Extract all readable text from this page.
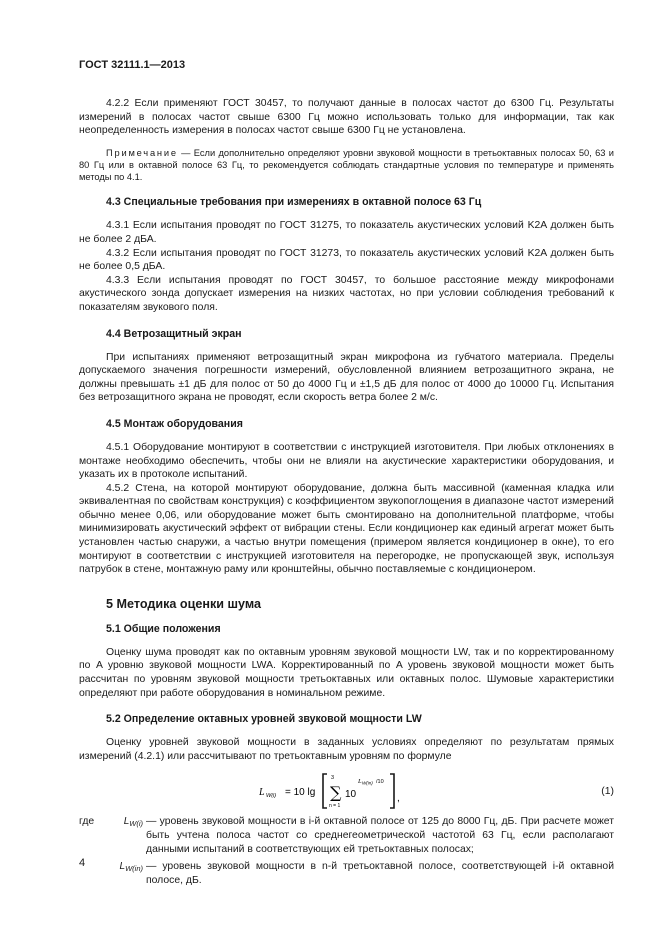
ГОСТ 32111.1—2013

4.2.2 Если применяют ГОСТ 30457, то получают данные в полосах частот до 6300 Гц. Результаты измерений в полосах частот свыше 6300 Гц можно использовать только для информации, так как неопределенность измерения в полосах частот свыше 6300 Гц не установлена.

Примечание — Если дополнительно определяют уровни звуковой мощности в третьоктавных полосах 50, 63 и 80 Гц или в октавной полосе 63 Гц, то рекомендуется соблюдать стандартные условия по температуре и применять методы по 4.1.

4.3 Специальные требования при измерениях в октавной полосе 63 Гц

4.3.1 Если испытания проводят по ГОСТ 31275, то показатель акустических условий K2A должен быть не более 2 дБА.

4.3.2 Если испытания проводят по ГОСТ 31273, то показатель акустических условий K2A должен быть не более 0,5 дБА.

4.3.3 Если испытания проводят по ГОСТ 30457, то большое расстояние между микрофонами акустического зонда допускает измерения на низких частотах, но при условии соблюдения требований к показателям звукового поля.

4.4 Ветрозащитный экран

При испытаниях применяют ветрозащитный экран микрофона из губчатого материала. Пределы допускаемого значения погрешности измерений, обусловленной влиянием ветрозащитного экрана, не должны превышать ±1 дБ для полос от 50 до 4000 Гц и ±1,5 дБ для полос от 4000 до 10000 Гц. Испытания без ветрозащитного экрана не проводят, если скорость ветра более 2 м/с.

4.5 Монтаж оборудования

4.5.1 Оборудование монтируют в соответствии с инструкцией изготовителя. При любых отклонениях в монтаже необходимо обеспечить, чтобы они не влияли на акустические характеристики оборудования, и указать их в протоколе испытаний.

4.5.2 Стена, на которой монтируют оборудование, должна быть массивной (каменная кладка или эквивалентная по свойствам конструкция) с коэффициентом звукопоглощения в диапазоне частот измерений обычно менее 0,06, или оборудование может быть смонтировано на дополнительной платформе, чтобы минимизировать акустический эффект от вибрации стены. Если кондиционер как единый агрегат может быть установлен частью снаружи, а частью внутри помещения (примером является кондиционер в окне), то его монтируют в соответствии с инструкцией изготовителя на перегородке, не пропускающей звук, используя патрубок в стене, монтажную раму или кронштейны, обычно поставляемые с кондиционером.

5 Методика оценки шума
5.1 Общие положения

Оценку шума проводят как по октавным уровням звуковой мощности LW, так и по корректированному по A уровню звуковой мощности LWA. Корректированный по A уровень звуковой мощности может быть рассчитан по уровням звуковой мощности третьоктавных или октавных полос. Шумовые характеристики определяют при работе оборудования в номинальном режиме.

5.2 Определение октавных уровней звуковой мощности LW

Оценку уровней звуковой мощности в заданных условиях определяют по результатам прямых измерений (4.2.1) или рассчитывают по третьоктавным уровням по формуле

L W(i) = 10 lg
3
∑
n = 1
10
L W(in) /10
,
(1)
где	$L_{W(i)}$ — уровень звуковой мощности в i-й октавной полосе от 125 до 8000 Гц, дБ. При расчете может быть учтена полоса частот со среднегеометрической частотой 63 Гц, если располагают данными испытаний в соответствующих ей третьоктавных полосах;

$L_{W(in)}$ — уровень звуковой мощности в n-й третьоктавной полосе, соответствующей i-й октавной полосе, дБ.

4
